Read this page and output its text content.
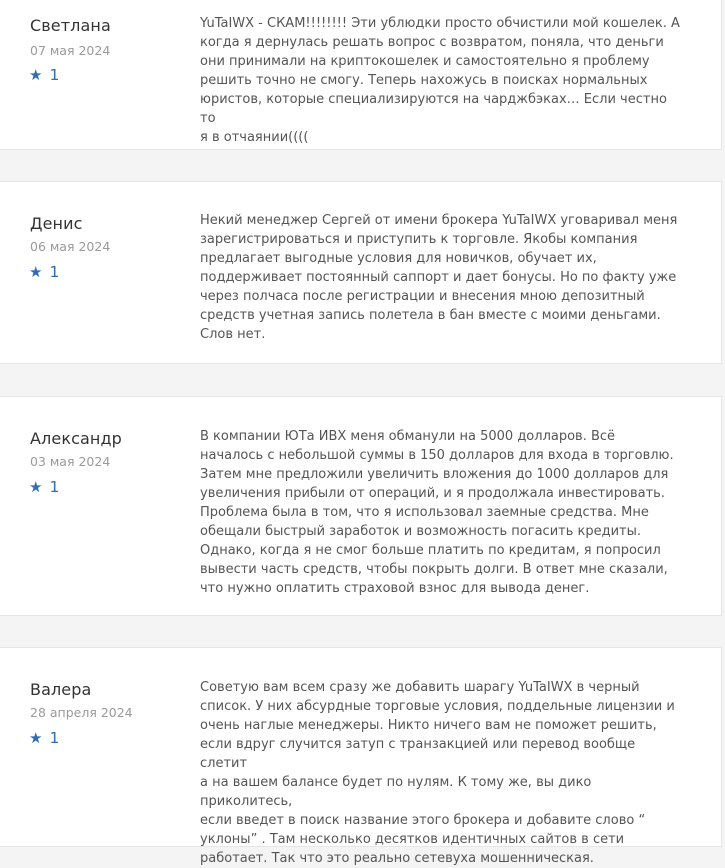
Светлана
07 мая 2024
★ 1
YuTaIWX - СКАМ!!!!!!!! Эти ублюдки просто обчистили мой кошелек. А
когда я дернулась решать вопрос с возвратом, поняла, что деньги
они принимали на криптокошелек и самостоятельно я проблему
решить точно не смогу. Теперь нахожусь в поисках нормальных
юристов, которые специализируются на чарджбэках… Если честно то
я в отчаянии((((
Денис
06 мая 2024
★ 1
Некий менеджер Сергей от имени брокера YuTaIWX уговаривал меня
зарегистрироваться и приступить к торговле. Якобы компания
предлагает выгодные условия для новичков, обучает их,
поддерживает постоянный саппорт и дает бонусы. Но по факту уже
через полчаса после регистрации и внесения мною депозитный
средств учетная запись полетела в бан вместе с моими деньгами.
Слов нет.
Александр
03 мая 2024
★ 1
В компании ЮТа ИВХ меня обманули на 5000 долларов. Всё
началось с небольшой суммы в 150 долларов для входа в торговлю.
Затем мне предложили увеличить вложения до 1000 долларов для
увеличения прибыли от операций, и я продолжала инвестировать.
Проблема была в том, что я использовал заемные средства. Мне
обещали быстрый заработок и возможность погасить кредиты.
Однако, когда я не смог больше платить по кредитам, я попросил
вывести часть средств, чтобы покрыть долги. В ответ мне сказали,
что нужно оплатить страховой взнос для вывода денег.
Валера
28 апреля 2024
★ 1
Советую вам всем сразу же добавить шарагу YuTaIWX в черный
список. У них абсурдные торговые условия, поддельные лицензии и
очень наглые менеджеры. Никто ничего вам не поможет решить,
если вдруг случится затуп с транзакцией или перевод вообще слетит
а на вашем балансе будет по нулям. К тому же, вы дико приколитесь,
если введет в поиск название этого брокера и добавите слово “
уклоны” . Там несколько десятков идентичных сайтов в сети
работает. Так что это реально сетевуха мошенническая.
